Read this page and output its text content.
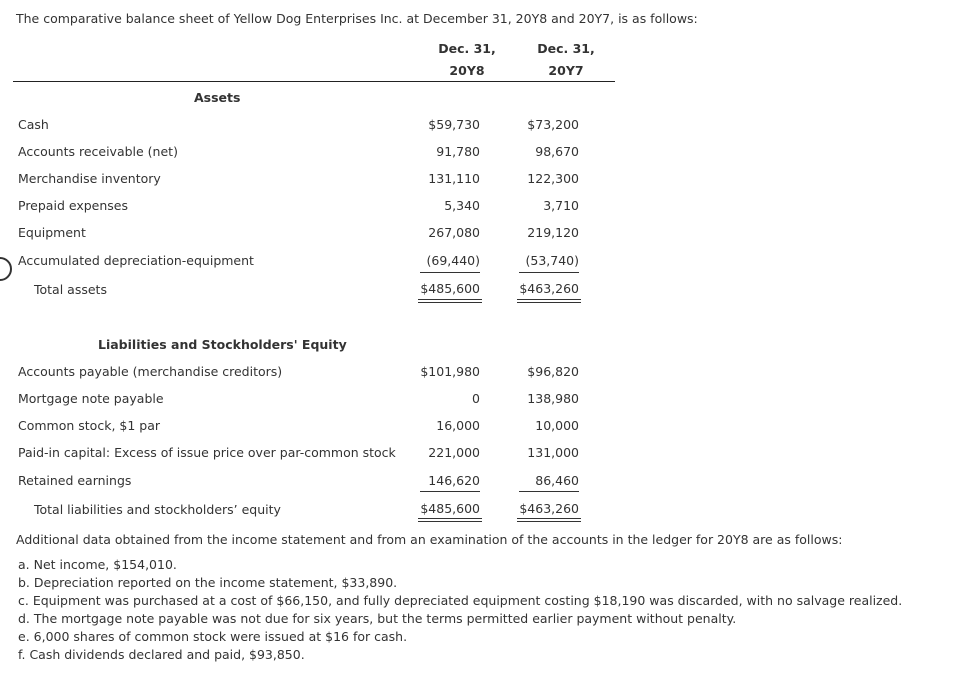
The comparative balance sheet of Yellow Dog Enterprises Inc. at December 31, 20Y8 and 20Y7, is as follows:
Dec. 31,
20Y8
Dec. 31,
20Y7
Assets
Cash	$59,730	$73,200
Accounts receivable (net)	91,780	98,670
Merchandise inventory	131,110	122,300
Prepaid expenses	5,340	3,710
Equipment	267,080	219,120
Accumulated depreciation-equipment	(69,440)	(53,740)
Total assets	$485,600	$463,260
Liabilities and Stockholders' Equity
Accounts payable (merchandise creditors)	$101,980	$96,820
Mortgage note payable	0	138,980
Common stock, $1 par	16,000	10,000
Paid-in capital: Excess of issue price over par-common stock	221,000	131,000
Retained earnings	146,620	86,460
Total liabilities and stockholders’ equity	$485,600	$463,260
Additional data obtained from the income statement and from an examination of the accounts in the ledger for 20Y8 are as follows:
a. Net income, $154,010.
b. Depreciation reported on the income statement, $33,890.
c. Equipment was purchased at a cost of $66,150, and fully depreciated equipment costing $18,190 was discarded, with no salvage realized.
d. The mortgage note payable was not due for six years, but the terms permitted earlier payment without penalty.
e. 6,000 shares of common stock were issued at $16 for cash.
f. Cash dividends declared and paid, $93,850.
